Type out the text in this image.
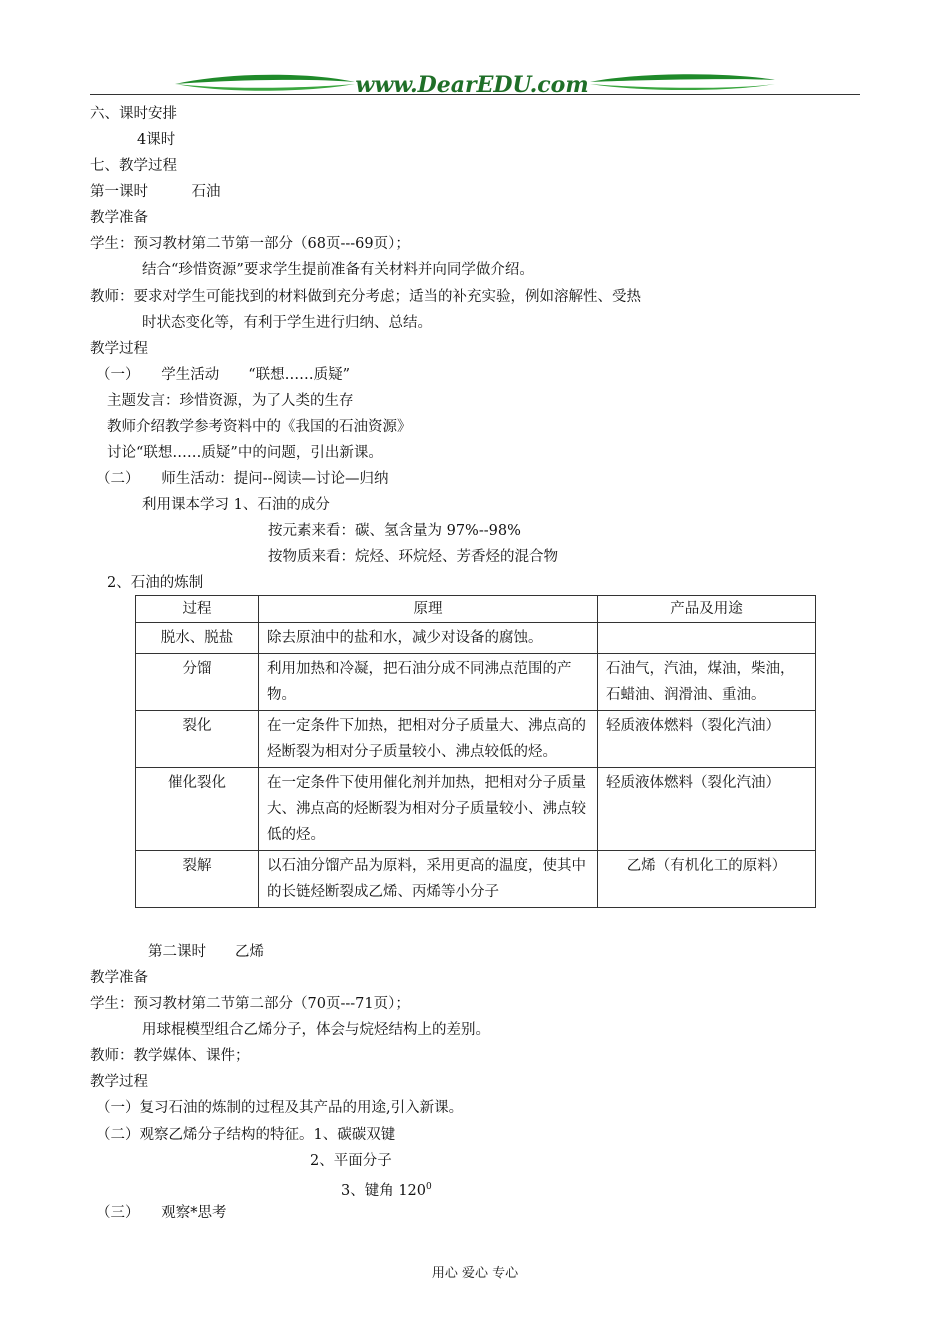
www.DearEDU.com
六、课时安排
4课时
七、教学过程
第一课时　　　石油
教学准备
学生：预习教材第二节第一部分（68页---69页）；
结合“珍惜资源”要求学生提前准备有关材料并向同学做介绍。
教师：要求对学生可能找到的材料做到充分考虑；适当的补充实验，例如溶解性、受热
时状态变化等，有利于学生进行归纳、总结。
教学过程
（一）　　学生活动　　“联想……质疑”
主题发言：珍惜资源，为了人类的生存
教师介绍教学参考资料中的《我国的石油资源》
讨论“联想……质疑”中的问题，引出新课。
（二）　　师生活动：提问--阅读—讨论—归纳
利用课本学习 1、石油的成分
按元素来看：碳、氢含量为 97%--98%
按物质来看：烷烃、环烷烃、芳香烃的混合物
2、石油的炼制
过程	原理	产品及用途
脱水、脱盐	除去原油中的盐和水，减少对设备的腐蚀。	
分馏	利用加热和冷凝，把石油分成不同沸点范围的产物。	石油气，汽油，煤油，柴油，石蜡油、润滑油、重油。
裂化	在一定条件下加热，把相对分子质量大、沸点高的烃断裂为相对分子质量较小、沸点较低的烃。	轻质液体燃料（裂化汽油）
催化裂化	在一定条件下使用催化剂并加热，把相对分子质量大、沸点高的烃断裂为相对分子质量较小、沸点较低的烃。	轻质液体燃料（裂化汽油）
裂解	以石油分馏产品为原料，采用更高的温度，使其中的长链烃断裂成乙烯、丙烯等小分子	乙烯（有机化工的原料）
第二课时　　乙烯
教学准备
学生：预习教材第二节第二部分（70页---71页）；
用球棍模型组合乙烯分子，体会与烷烃结构上的差别。
教师：教学媒体、课件；
教学过程
（一）复习石油的炼制的过程及其产品的用途,引入新课。
（二）观察乙烯分子结构的特征。1、碳碳双键
2、平面分子
3、键角 $120^0$
（三）　　观察*思考
用心 爱心 专心
